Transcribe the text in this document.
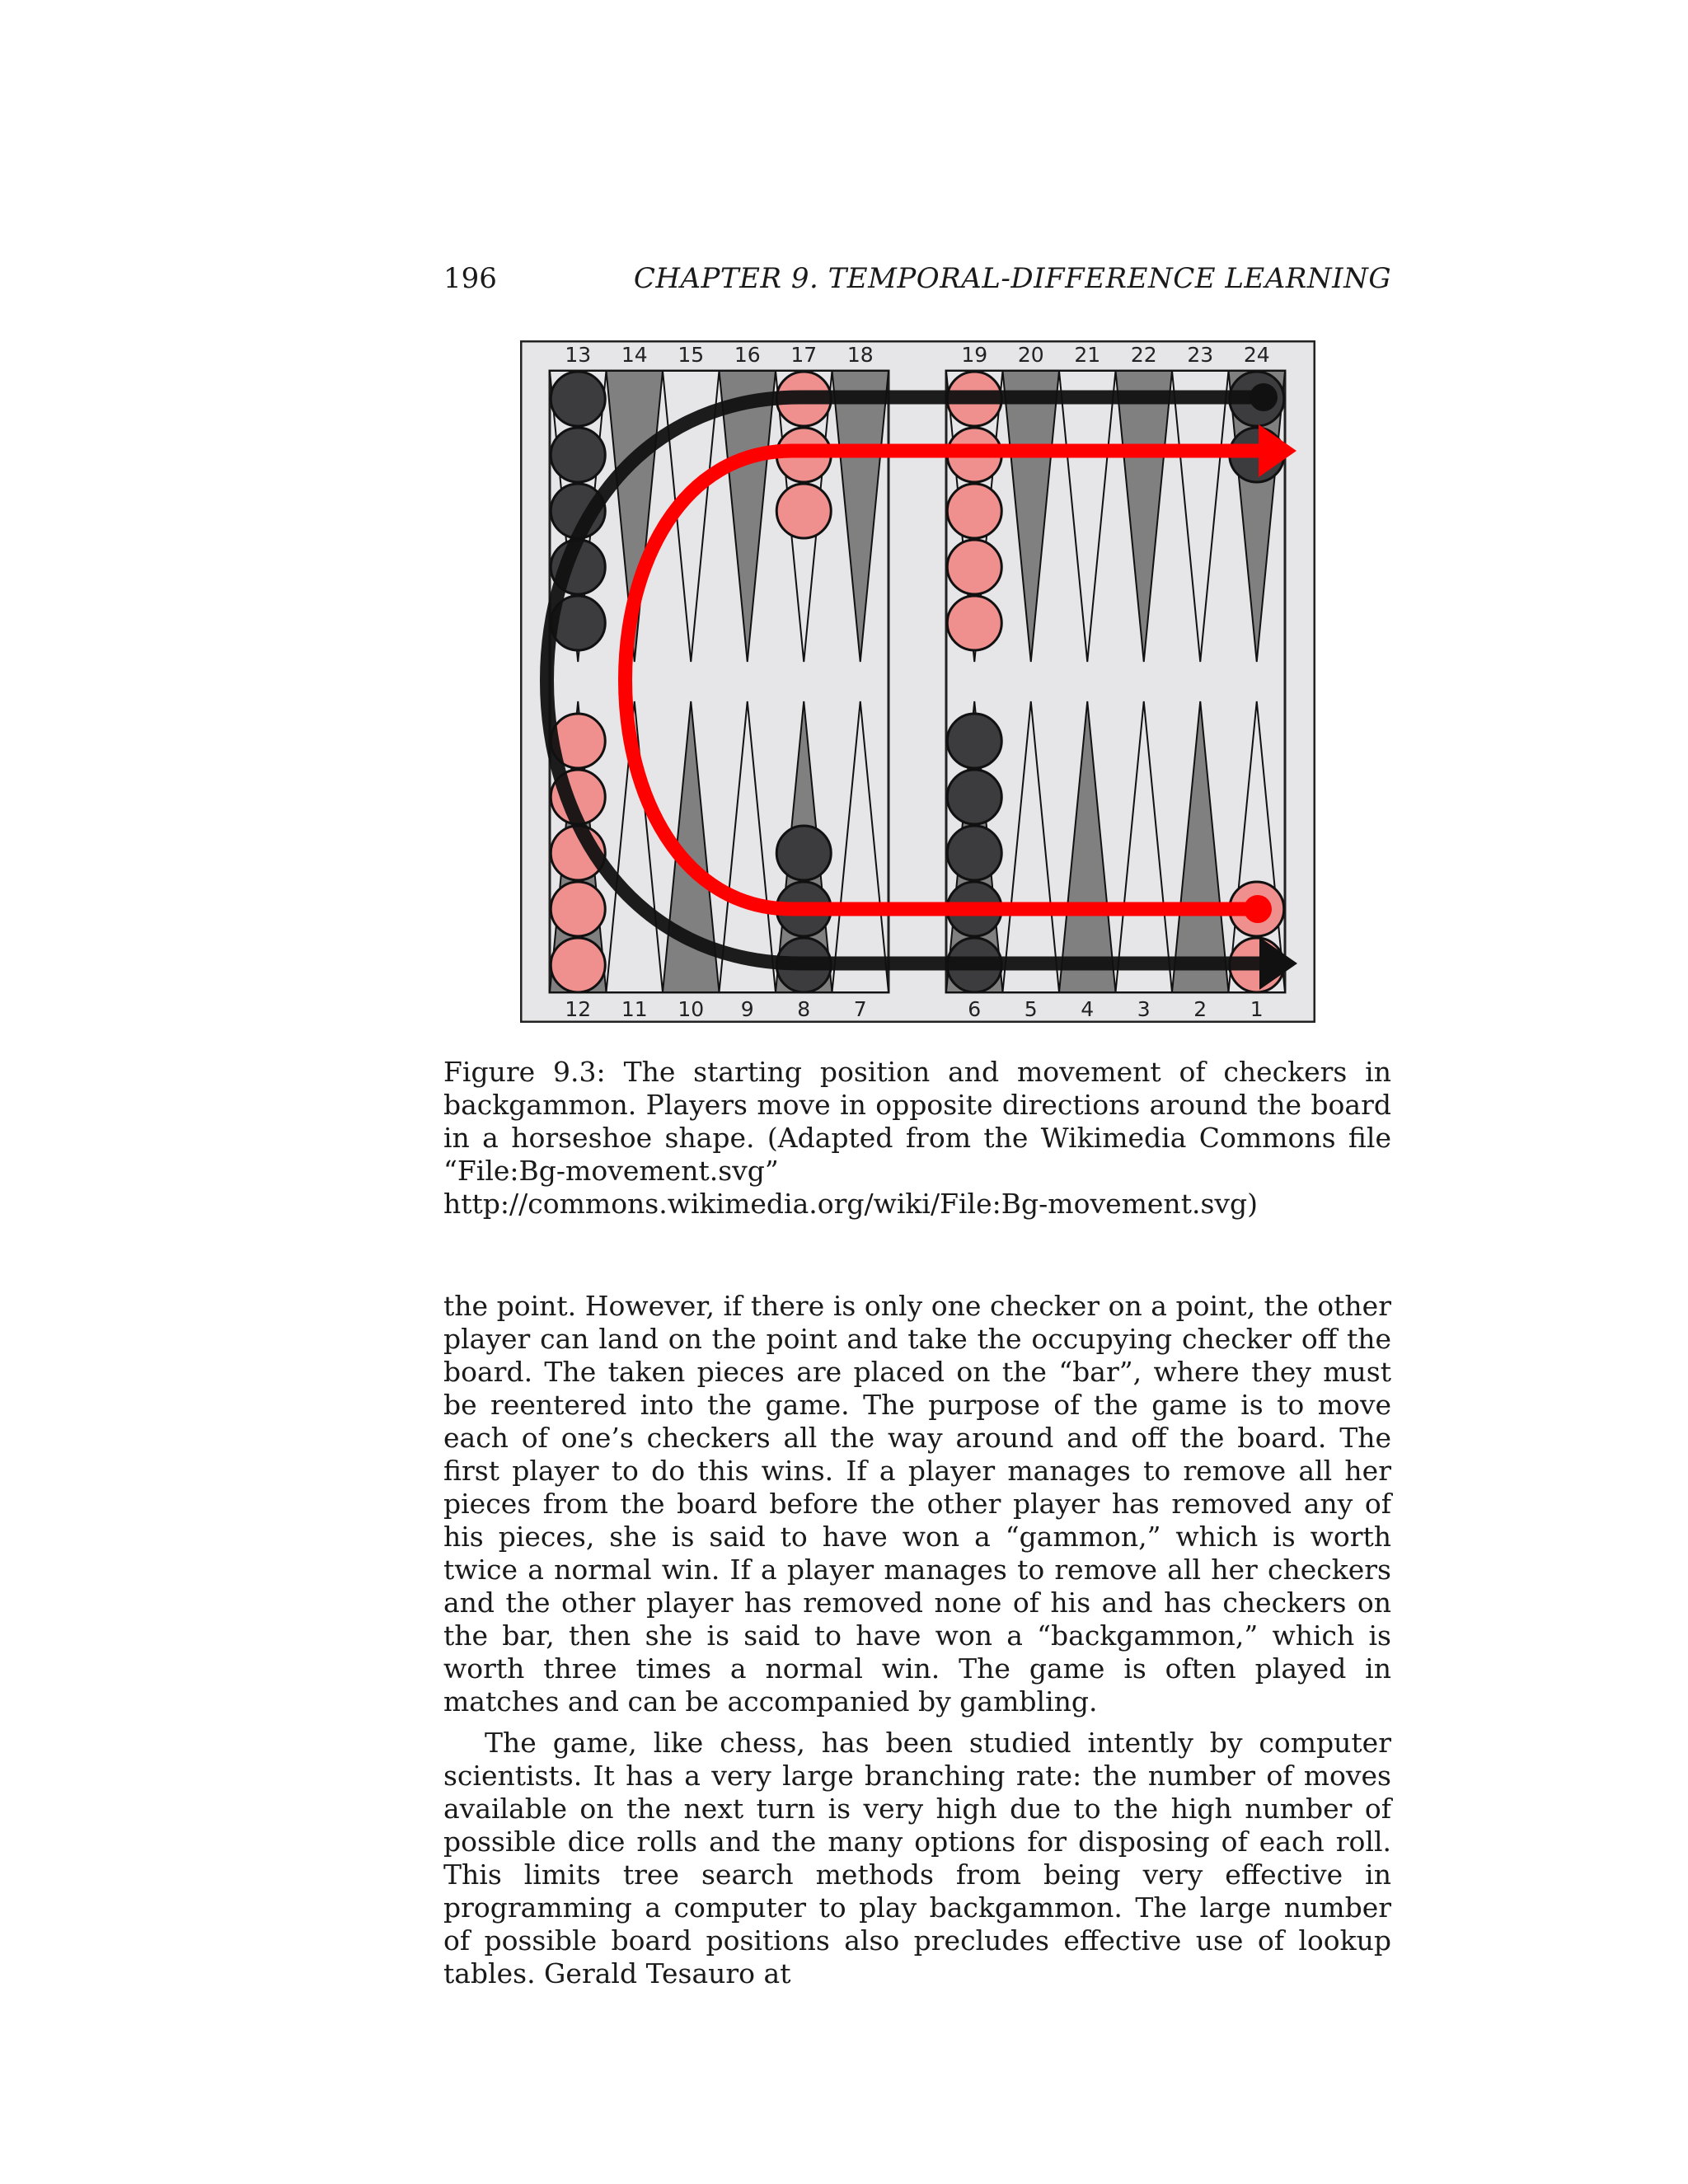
196	CHAPTER 9. TEMPORAL-DIFFERENCE LEARNING
13
12
14
11
15
10
16
9
17
8
18
7
19
6
20
5
21
4
22
3
23
2
24
1
Figure 9.3: The starting position and movement of checkers in backgammon. Players move in opposite directions around the board in a horseshoe shape. (Adapted from the Wikimedia Commons file “File:Bg-movement.svg” http://commons.wikimedia.org/wiki/File:Bg-movement.svg)

the point. However, if there is only one checker on a point, the other player can land on the point and take the occupying checker off the board. The taken pieces are placed on the “bar”, where they must be reentered into the game. The purpose of the game is to move each of one’s checkers all the way around and off the board. The first player to do this wins. If a player manages to remove all her pieces from the board before the other player has removed any of his pieces, she is said to have won a “gammon,” which is worth twice a normal win. If a player manages to remove all her checkers and the other player has removed none of his and has checkers on the bar, then she is said to have won a “backgammon,” which is worth three times a normal win. The game is often played in matches and can be accompanied by gambling.

The game, like chess, has been studied intently by computer scientists. It has a very large branching rate: the number of moves available on the next turn is very high due to the high number of possible dice rolls and the many options for disposing of each roll. This limits tree search methods from being very effective in programming a computer to play backgammon. The large number of possible board positions also precludes effective use of lookup tables. Gerald Tesauro at
